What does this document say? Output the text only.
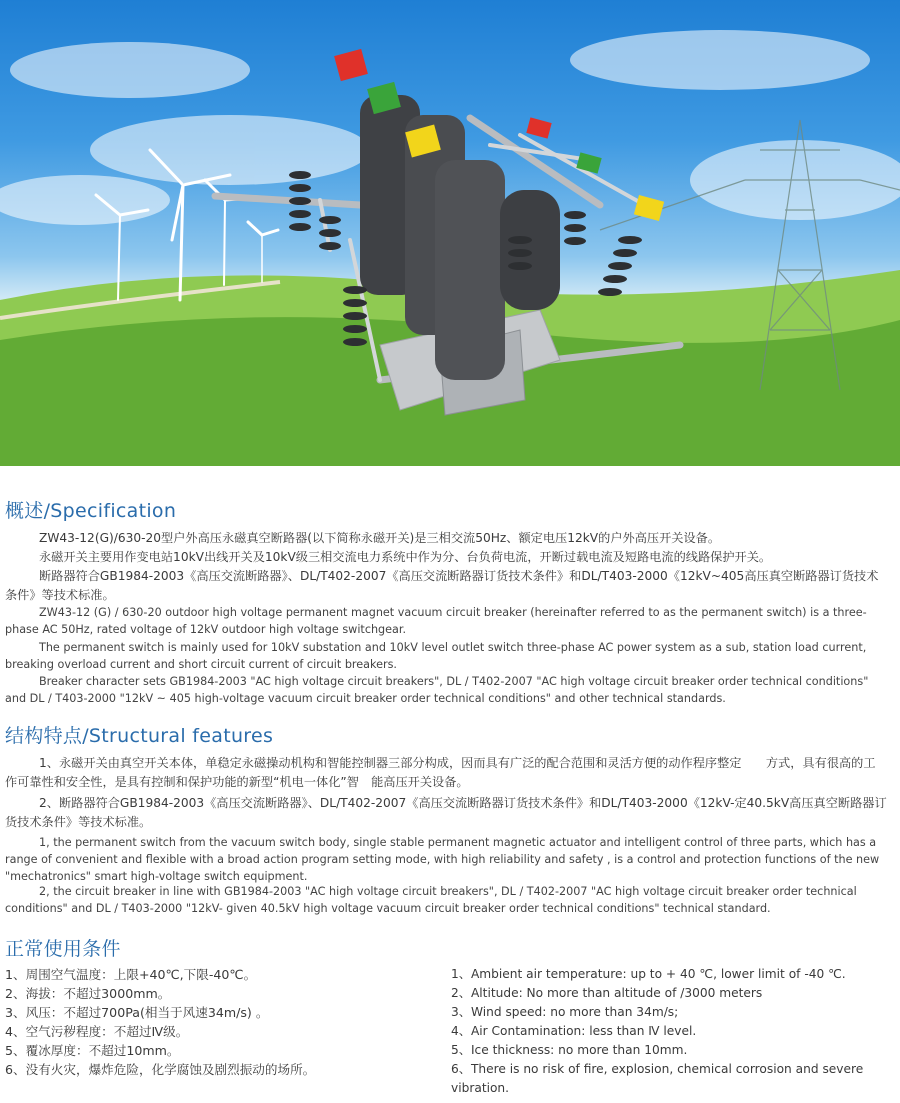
概述/Specification

ZW43-12(G)/630-20型户外高压永磁真空断路器(以下简称永磁开关)是三相交流50Hz、额定电压12kV的户外高压开关设备。

永磁开关主要用作变电站10kV出线开关及10kV级三相交流电力系统中作为分、台负荷电流，开断过载电流及短路电流的线路保护开关。

断路器符合GB1984-2003《高压交流断路器》、DL/T402-2007《高压交流断路器订货技术条件》和DL/T403-2000《12kV~405高压真空断路器订货技术条件》等技术标准。

ZW43-12 (G) / 630-20 outdoor high voltage permanent magnet vacuum circuit breaker (hereinafter referred to as the permanent switch) is a three-phase AC 50Hz, rated voltage of 12kV outdoor high voltage switchgear.

The permanent switch is mainly used for 10kV substation and 10kV level outlet switch three-phase AC power system as a sub, station load current, breaking overload current and short circuit current of circuit breakers.

Breaker character sets GB1984-2003 "AC high voltage circuit breakers", DL / T402-2007 "AC high voltage circuit breaker order technical conditions" and DL / T403-2000 "12kV ~ 405 high-voltage vacuum circuit breaker order technical conditions" and other technical standards.

结构特点/Structural features

1、永磁开关由真空开关本体，单稳定永磁操动机构和智能控制器三部分构成，因而具有广泛的配合范围和灵活方便的动作程序整定　　方式，具有很高的工作可靠性和安全性，是具有控制和保护功能的新型“机电一体化”智　能高压开关设备。

2、断路器符合GB1984-2003《高压交流断路器》、DL/T402-2007《高压交流断路器订货技术条件》和DL/T403-2000《12kV-定40.5kV高压真空断路器订货技术条件》等技术标准。

1, the permanent switch from the vacuum switch body, single stable permanent magnetic actuator and intelligent control of three parts, which has a range of convenient and flexible with a broad action program setting mode, with high reliability and safety , is a control and protection functions of the new "mechatronics" smart high-voltage switch equipment.

2, the circuit breaker in line with GB1984-2003 "AC high voltage circuit breakers", DL / T402-2007 "AC high voltage circuit breaker order technical conditions" and DL / T403-2000 "12kV- given 40.5kV high voltage vacuum circuit breaker order technical conditions" technical standard.

正常使用条件
1、周围空气温度：上限+40℃,下限-40℃。
2、海拔：不超过3000mm。
3、风压：不超过700Pa(相当于风速34m/s) 。
4、空气污秽程度：不超过Ⅳ级。
5、覆冰厚度：不超过10mm。
6、没有火灾，爆炸危险，化学腐蚀及剧烈振动的场所。
1、Ambient air temperature: up to + 40 ℃, lower limit of -40 ℃.
2、Altitude: No more than altitude of /3000 meters
3、Wind speed: no more than 34m/s;
4、Air Contamination: less than Ⅳ level.
5、Ice thickness: no more than 10mm.
6、There is no risk of fire, explosion, chemical corrosion and severe
vibration.
